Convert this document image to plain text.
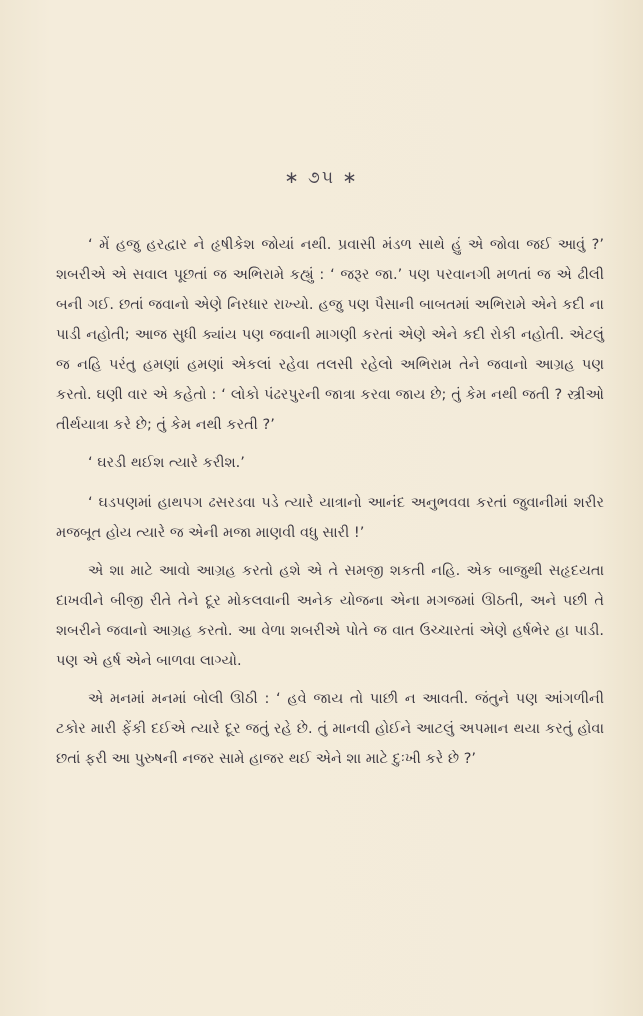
∗ ૭૫ ∗

‘ મેં હજુ હરદ્વાર ને હૃષીકેશ જોયાં નથી. પ્રવાસી મંડળ સાથે હું એ જોવા જઈ આવું ?’ શબરીએ એ સવાલ પૂછતાં જ અભિરામે કહ્યું : ‘ જરૂર જા.’ પણ પરવાનગી મળતાં જ એ ઢીલી બની ગઈ. છતાં જવાનો એણે નિરધાર રાખ્યો. હજુ પણ પૈસાની બાબતમાં અભિરામે એને કદી ના પાડી નહોતી; આજ સુધી ક્યાંય પણ જવાની માગણી કરતાં એણે એને કદી રોકી નહોતી. એટલું જ નહિ પરંતુ હમણાં હમણાં એકલાં રહેવા તલસી રહેલો અભિરામ તેને જવાનો આગ્રહ પણ કરતો. ઘણી વાર એ કહેતો : ‘ લોકો પંઢરપુરની જાત્રા કરવા જાય છે; તું કેમ નથી જતી ? સ્ત્રીઓ તીર્થયાત્રા કરે છે; તું કેમ નથી કરતી ?’

‘ ઘરડી થઈશ ત્યારે કરીશ.’

‘ ઘડપણમાં હાથપગ ઢસરડવા પડે ત્યારે યાત્રાનો આનંદ અનુભવવા કરતાં જુવાનીમાં શરીર મજબૂત હોય ત્યારે જ એની મજા માણવી વધુ સારી !’

એ શા માટે આવો આગ્રહ કરતો હશે એ તે સમજી શકતી નહિ. એક બાજુથી સહૃદયતા દાખવીને બીજી રીતે તેને દૂર મોકલવાની અનેક યોજના એના મગજમાં ઊઠતી, અને પછી તે શબરીને જવાનો આગ્રહ કરતો. આ વેળા શબરીએ પોતે જ વાત ઉચ્ચારતાં એણે હર્ષભેર હા પાડી. પણ એ હર્ષ એને બાળવા લાગ્યો.

એ મનમાં મનમાં બોલી ઊઠી : ‘ હવે જાય તો પાછી ન આવતી. જંતુને પણ આંગળીની ટકોર મારી ફેંકી દઈએ ત્યારે દૂર જતું રહે છે. તું માનવી હોઈને આટલું અપમાન થયા કરતું હોવા છતાં ફરી આ પુરુષની નજર સામે હાજર થઈ એને શા માટે દુઃખી કરે છે ?’
